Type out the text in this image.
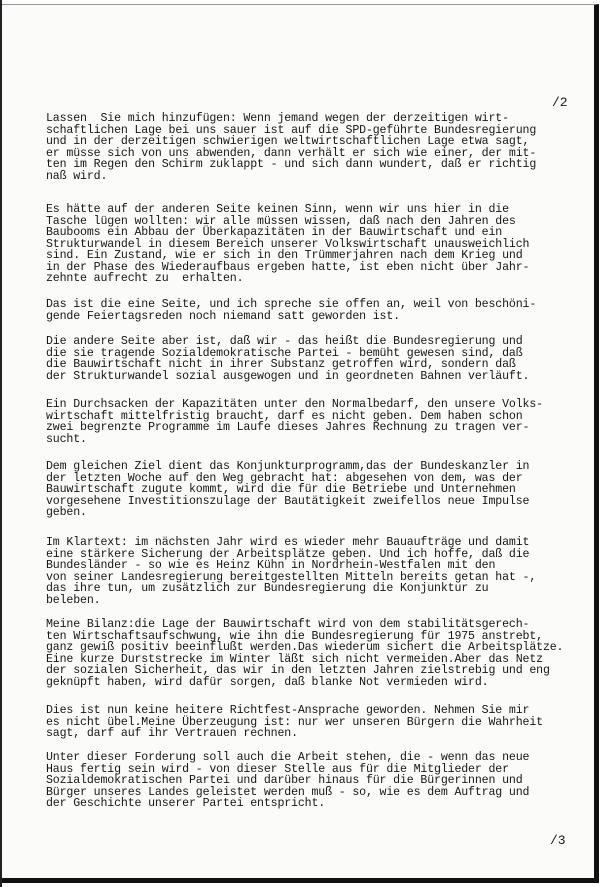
/2

Lassen  Sie mich hinzufügen: Wenn jemand wegen der derzeitigen wirt-
schaftlichen Lage bei uns sauer ist auf die SPD-geführte Bundesregierung
und in der derzeitigen schwierigen weltwirtschaftlichen Lage etwa sagt,
er müsse sich von uns abwenden, dann verhält er sich wie einer, der mit-
ten im Regen den Schirm zuklappt - und sich dann wundert, daß er richtig
naß wird.

Es hätte auf der anderen Seite keinen Sinn, wenn wir uns hier in die
Tasche lügen wollten: wir alle müssen wissen, daß nach den Jahren des
Baubooms ein Abbau der Überkapazitäten in der Bauwirtschaft und ein
Strukturwandel in diesem Bereich unserer Volkswirtschaft unausweichlich
sind. Ein Zustand, wie er sich in den Trümmerjahren nach dem Krieg und
in der Phase des Wiederaufbaus ergeben hatte, ist eben nicht über Jahr-
zehnte aufrecht zu  erhalten.

Das ist die eine Seite, und ich spreche sie offen an, weil von beschöni-
gende Feiertagsreden noch niemand satt geworden ist.

Die andere Seite aber ist, daß wir - das heißt die Bundesregierung und
die sie tragende Sozialdemokratische Partei - bemüht gewesen sind, daß
die Bauwirtschaft nicht in ihrer Substanz getroffen wird, sondern daß
der Strukturwandel sozial ausgewogen und in geordneten Bahnen verläuft.

Ein Durchsacken der Kapazitäten unter den Normalbedarf, den unsere Volks-
wirtschaft mittelfristig braucht, darf es nicht geben. Dem haben schon
zwei begrenzte Programme im Laufe dieses Jahres Rechnung zu tragen ver-
sucht.

Dem gleichen Ziel dient das Konjunkturprogramm,das der Bundeskanzler in
der letzten Woche auf den Weg gebracht hat: abgesehen von dem, was der
Bauwirtschaft zugute kommt, wird die für die Betriebe und Unternehmen
vorgesehene Investitionszulage der Bautätigkeit zweifellos neue Impulse
geben.

Im Klartext: im nächsten Jahr wird es wieder mehr Bauaufträge und damit
eine stärkere Sicherung der Arbeitsplätze geben. Und ich hoffe, daß die
Bundesländer - so wie es Heinz Kühn in Nordrhein-Westfalen mit den
von seiner Landesregierung bereitgestellten Mitteln bereits getan hat -,
das ihre tun, um zusätzlich zur Bundesregierung die Konjunktur zu
beleben.

Meine Bilanz:die Lage der Bauwirtschaft wird von dem stabilitätsgerech-
ten Wirtschaftsaufschwung, wie ihn die Bundesregierung für 1975 anstrebt,
ganz gewiß positiv beeinflußt werden.Das wiederum sichert die Arbeitsplätze.
Eine kurze Durststrecke im Winter läßt sich nicht vermeiden.Aber das Netz
der sozialen Sicherheit, das wir in den letzten Jahren zielstrebig und eng
geknüpft haben, wird dafür sorgen, daß blanke Not vermieden wird.

Dies ist nun keine heitere Richtfest-Ansprache geworden. Nehmen Sie mir
es nicht übel.Meine Überzeugung ist: nur wer unseren Bürgern die Wahrheit
sagt, darf auf ihr Vertrauen rechnen.

Unter dieser Forderung soll auch die Arbeit stehen, die - wenn das neue
Haus fertig sein wird - von dieser Stelle aus für die Mitglieder der
Sozialdemokratischen Partei und darüber hinaus für die Bürgerinnen und
Bürger unseres Landes geleistet werden muß - so, wie es dem Auftrag und
der Geschichte unserer Partei entspricht.

/3
